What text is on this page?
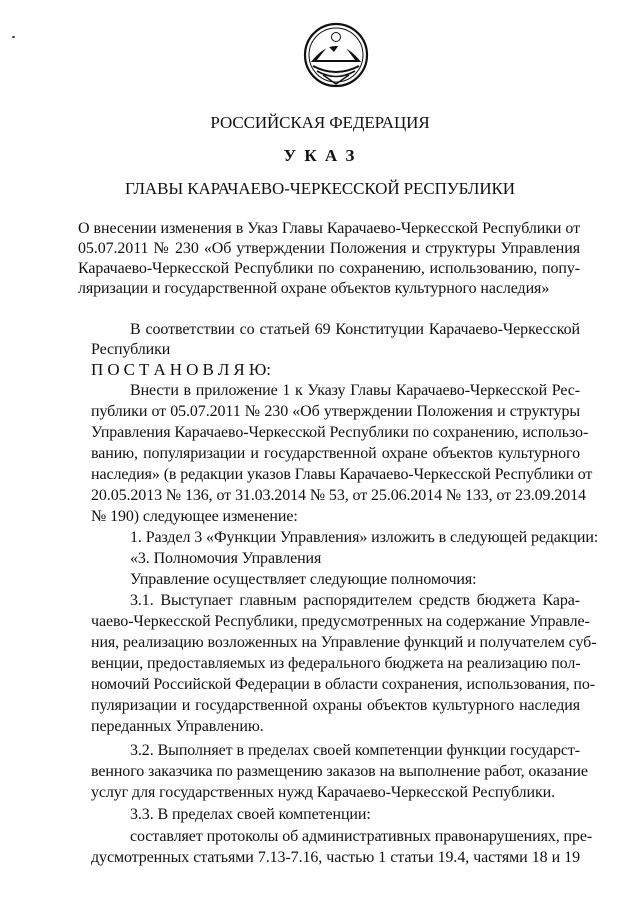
РОССИЙСКАЯ ФЕДЕРАЦИЯ
У К А З
ГЛАВЫ КАРАЧАЕВО-ЧЕРКЕССКОЙ РЕСПУБЛИКИ
О внесении изменения в Указ Главы Карачаево-Черкесской Республики от
05.07.2011 № 230 «Об утверждении Положения и структуры Управления
Карачаево-Черкесской Республики по сохранению, использованию, попу-
ляризации и государственной охране объектов культурного наследия»
В соответствии со статьей 69 Конституции Карачаево-Черкесской
Республики
П О С Т А Н О В Л Я Ю:
Внести в приложение 1 к Указу Главы Карачаево-Черкесской Рес-
публики от 05.07.2011 № 230 «Об утверждении Положения и структуры
Управления Карачаево-Черкесской Республики по сохранению, использо-
ванию, популяризации и государственной охране объектов культурного
наследия» (в редакции указов Главы Карачаево-Черкесской Республики от
20.05.2013 № 136, от 31.03.2014 № 53, от 25.06.2014 № 133, от 23.09.2014
№ 190) следующее изменение:
1. Раздел 3 «Функции Управления» изложить в следующей редакции:
«3. Полномочия Управления
Управление осуществляет следующие полномочия:
3.1. Выступает главным распорядителем средств бюджета Кара-
чаево-Черкесской Республики, предусмотренных на содержание Управле-
ния, реализацию возложенных на Управление функций и получателем суб-
венции, предоставляемых из федерального бюджета на реализацию пол-
номочий Российской Федерации в области сохранения, использования, по-
пуляризации и государственной охраны объектов культурного наследия
переданных Управлению.
3.2. Выполняет в пределах своей компетенции функции государст-
венного заказчика по размещению заказов на выполнение работ, оказание
услуг для государственных нужд Карачаево-Черкесской Республики.
3.3. В пределах своей компетенции:
составляет протоколы об административных правонарушениях, пре-
дусмотренных статьями 7.13-7.16, частью 1 статьи 19.4, частями 18 и 19
